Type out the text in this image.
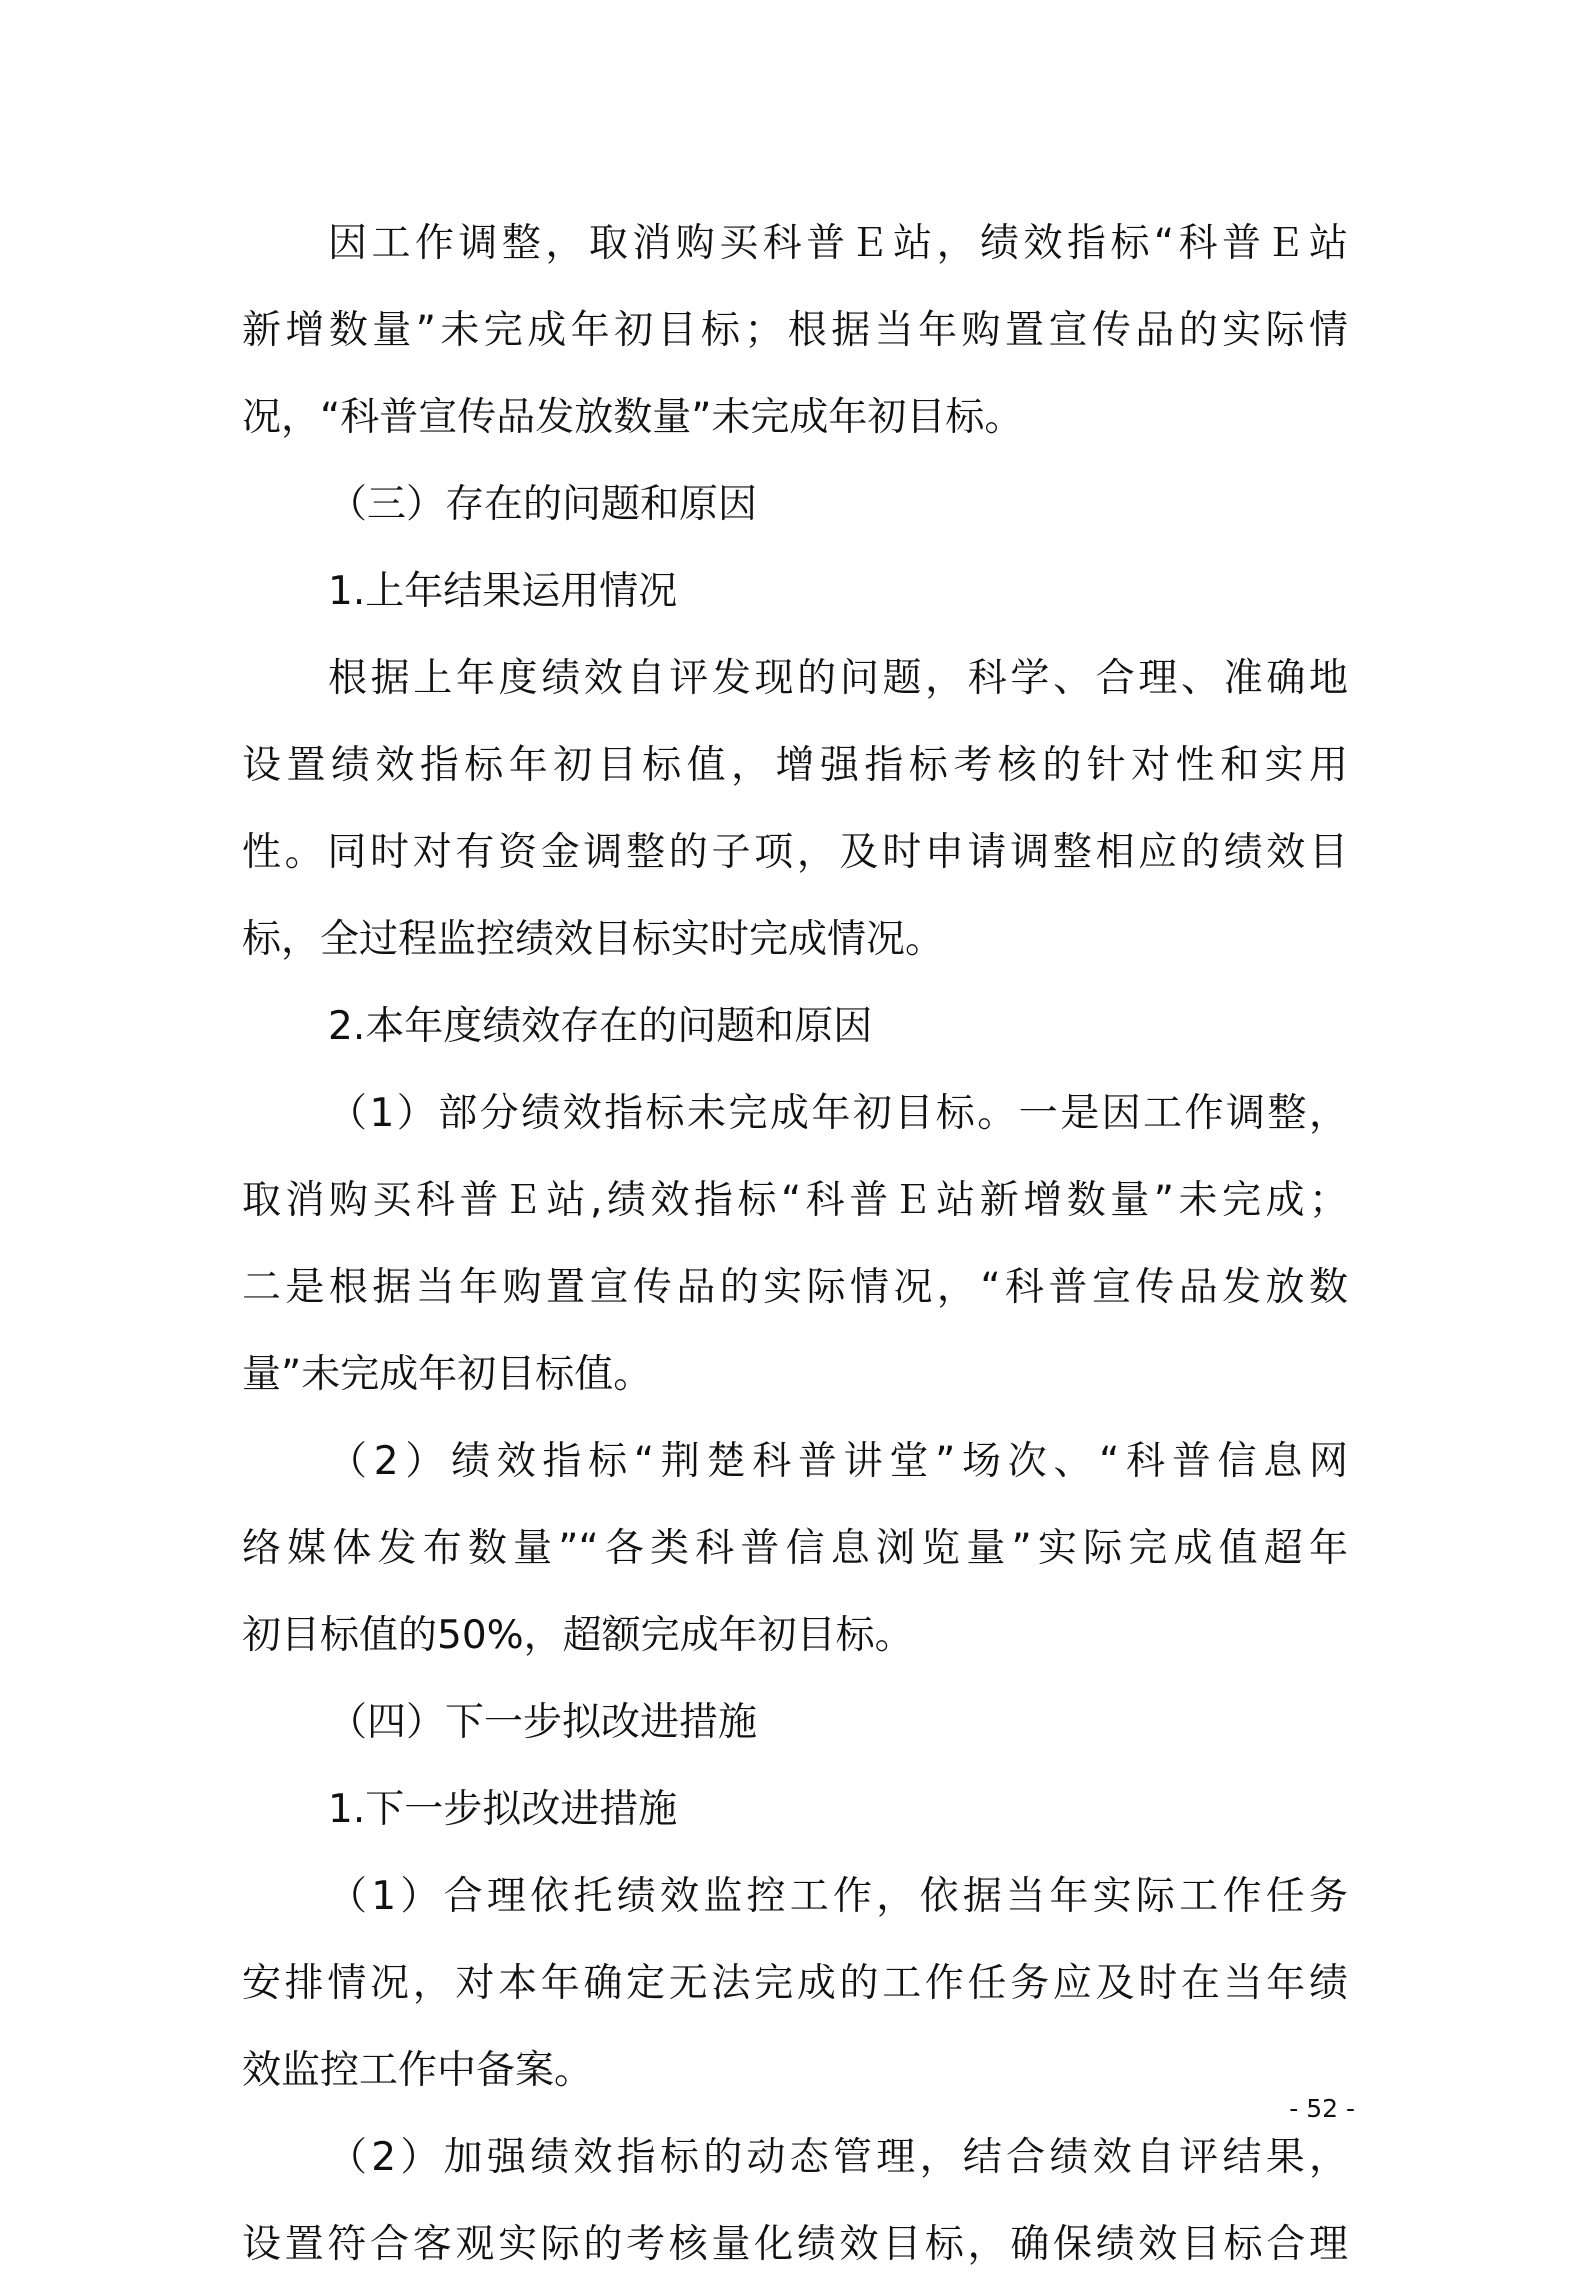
因工作调整，取消购买科普Ｅ站，绩效指标“科普Ｅ站
新增数量”未完成年初目标；根据当年购置宣传品的实际情
况，“科普宣传品发放数量”未完成年初目标。
（三）存在的问题和原因
1.上年结果运用情况
根据上年度绩效自评发现的问题，科学、合理、准确地
设置绩效指标年初目标值，增强指标考核的针对性和实用
性。同时对有资金调整的子项，及时申请调整相应的绩效目
标，全过程监控绩效目标实时完成情况。
2.本年度绩效存在的问题和原因
（1）部分绩效指标未完成年初目标。一是因工作调整，
取消购买科普Ｅ站,绩效指标“科普Ｅ站新增数量”未完成；
二是根据当年购置宣传品的实际情况，“科普宣传品发放数
量”未完成年初目标值。
（2）绩效指标“荆楚科普讲堂”场次、“科普信息网
络媒体发布数量”“各类科普信息浏览量”实际完成值超年
初目标值的50%，超额完成年初目标。
（四）下一步拟改进措施
1.下一步拟改进措施
（1）合理依托绩效监控工作，依据当年实际工作任务
安排情况，对本年确定无法完成的工作任务应及时在当年绩
效监控工作中备案。
（2）加强绩效指标的动态管理，结合绩效自评结果，
设置符合客观实际的考核量化绩效目标，确保绩效目标合理
- 52 -
